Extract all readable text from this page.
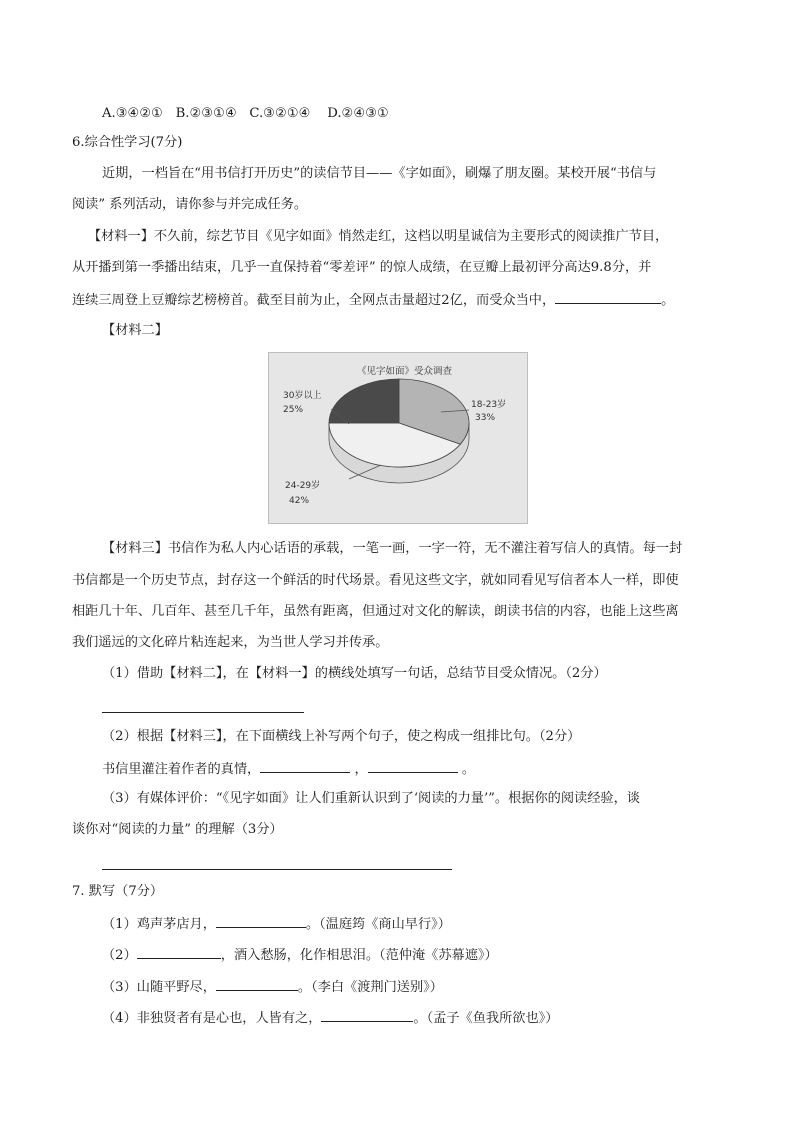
A.③④②① B.②③①④ C.③②①④ D.②④③①
6.综合性学习(7分)
近期，一档旨在“用书信打开历史”的读信节目——《字如面》，刷爆了朋友圈。某校开展“书信与
阅读” 系列活动，请你参与并完成任务。
【材料一】不久前，综艺节目《见字如面》悄然走红，这档以明星诚信为主要形式的阅读推广节目，
从开播到第一季播出结束，几乎一直保持着“零差评” 的惊人成绩，在豆瓣上最初评分高达9.8分，并
连续三周登上豆瓣综艺榜榜首。截至目前为止，全网点击量超过2亿，而受众当中，	。
【材料二】
《见字如面》受众调查
18-23岁
33%
24-29岁
42%
30岁以上
25%
【材料三】书信作为私人内心话语的承载，一笔一画，一字一符，无不灌注着写信人的真情。每一封
书信都是一个历史节点，封存这一个鲜活的时代场景。看见这些文字，就如同看见写信者本人一样，即使
相距几十年、几百年、甚至几千年，虽然有距离，但通过对文化的解读，朗读书信的内容，也能上这些离
我们遥远的文化碎片粘连起来，为当世人学习并传承。
（1）借助【材料二】，在【材料一】的横线处填写一句话，总结节目受众情况。（2分）
（2）根据【材料三】，在下面横线上补写两个句子，使之构成一组排比句。（2分）
书信里灌注着作者的真情，	，	。
（3）有媒体评价：“《见字如面》让人们重新认识到了‘阅读的力量’”。根据你的阅读经验，谈
谈你对“阅读的力量” 的理解（3分）
7. 默写（7分）
（1）鸡声茅店月，	。（温庭筠《商山早行》）
（2）	，酒入愁肠，化作相思泪。（范仲淹《苏幕遮》）
（3）山随平野尽，	。（李白《渡荆门送别》）
（4）非独贤者有是心也，人皆有之，	。（孟子《鱼我所欲也》）
